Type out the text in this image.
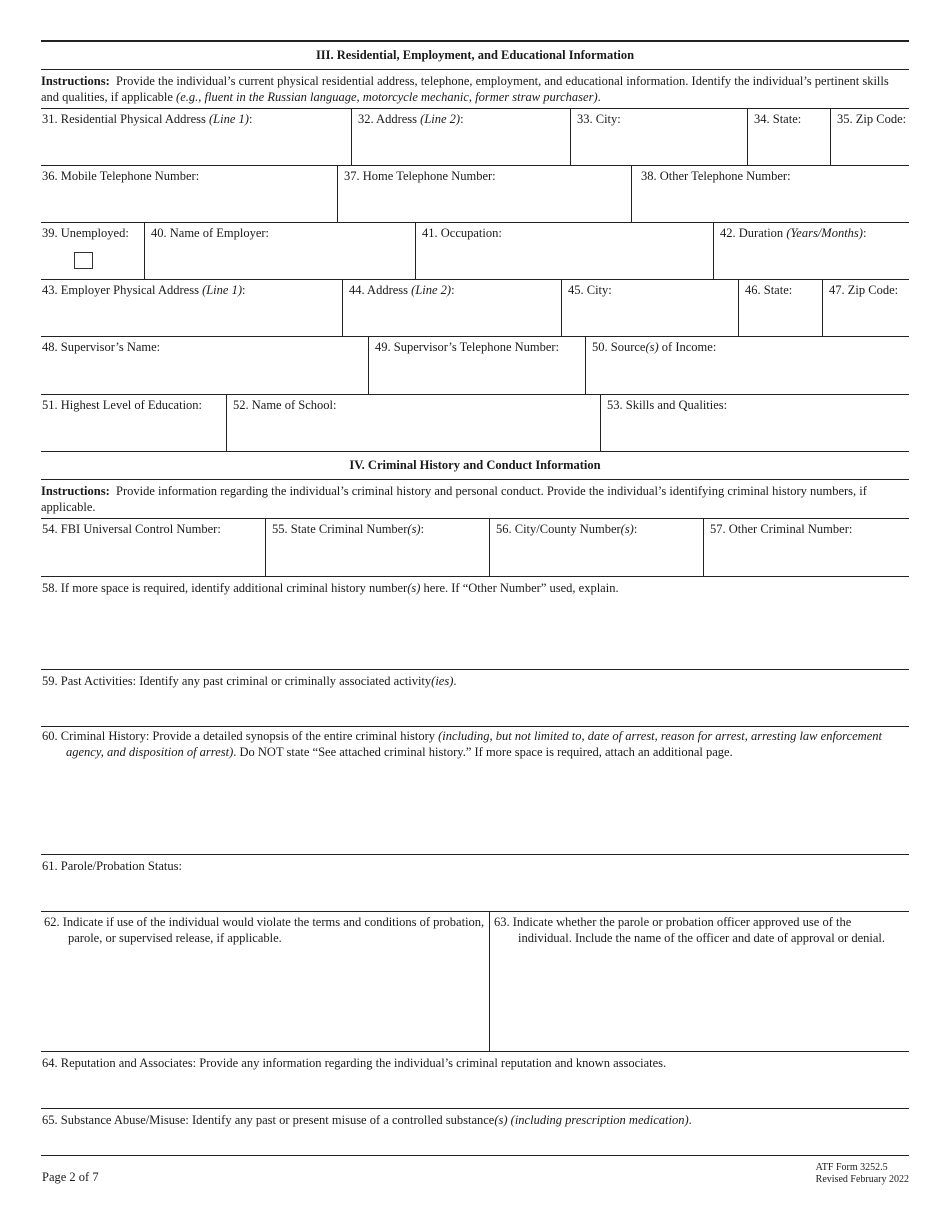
III. Residential, Employment, and Educational Information
Instructions: Provide the individual’s current physical residential address, telephone, employment, and educational information. Identify the individual’s pertinent skills and qualities, if applicable (e.g., fluent in the Russian language, motorcycle mechanic, former straw purchaser).
31. Residential Physical Address (Line 1):	32. Address (Line 2):	33. City:	34. State:	35. Zip Code:
36. Mobile Telephone Number:	37. Home Telephone Number:	38. Other Telephone Number:
39. Unemployed:	40. Name of Employer:	41. Occupation:	42. Duration (Years/Months):
43. Employer Physical Address (Line 1):	44. Address (Line 2):	45. City:	46. State:	47. Zip Code:
48. Supervisor’s Name:	49. Supervisor’s Telephone Number:	50. Source(s) of Income:
51. Highest Level of Education:	52. Name of School:	53. Skills and Qualities:
IV. Criminal History and Conduct Information
Instructions: Provide information regarding the individual’s criminal history and personal conduct. Provide the individual’s identifying criminal history numbers, if applicable.
54. FBI Universal Control Number:	55. State Criminal Number(s):	56. City/County Number(s):	57. Other Criminal Number:
58. If more space is required, identify additional criminal history number(s) here. If “Other Number” used, explain.
59. Past Activities: Identify any past criminal or criminally associated activity(ies).
60. Criminal History: Provide a detailed synopsis of the entire criminal history (including, but not limited to, date of arrest, reason for arrest, arresting law enforcement agency, and disposition of arrest). Do NOT state “See attached criminal history.” If more space is required, attach an additional page.
61. Parole/Probation Status:
62. Indicate if use of the individual would violate the terms and conditions of probation, parole, or supervised release, if applicable.
63. Indicate whether the parole or probation officer approved use of the individual. Include the name of the officer and date of approval or denial.
64. Reputation and Associates: Provide any information regarding the individual’s criminal reputation and known associates.
65. Substance Abuse/Misuse: Identify any past or present misuse of a controlled substance(s) (including prescription medication).
Page 2 of 7
ATF Form 3252.5
Revised February 2022
